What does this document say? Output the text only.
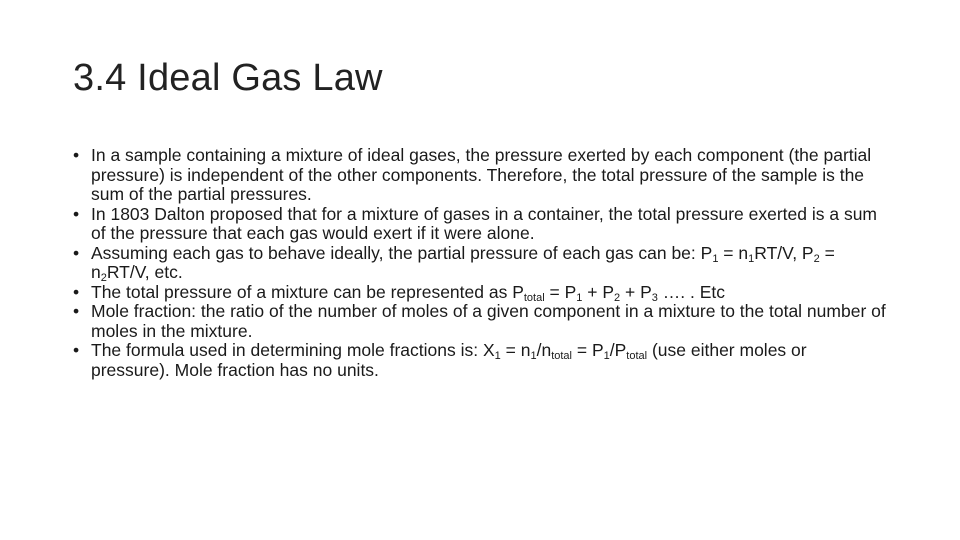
3.4 Ideal Gas Law
• In a sample containing a mixture of ideal gases, the pressure exerted by each component (the partial pressure) is independent of the other components. Therefore, the total pressure of the sample is the sum of the partial pressures.
• In 1803 Dalton proposed that for a mixture of gases in a container, the total pressure exerted is a sum of the pressure that each gas would exert if it were alone.
• Assuming each gas to behave ideally, the partial pressure of each gas can be: $P_1 = n_1RT/V$, $P_2 = n_2RT/V$, etc.
• The total pressure of a mixture can be represented as $P_{total} = P_1 + P_2 + P_3$ …. . Etc
• Mole fraction: the ratio of the number of moles of a given component in a mixture to the total number of moles in the mixture.
• The formula used in determining mole fractions is: $X_1 = n_1/n_{total} = P_1/P_{total}$ (use either moles or pressure). Mole fraction has no units.
